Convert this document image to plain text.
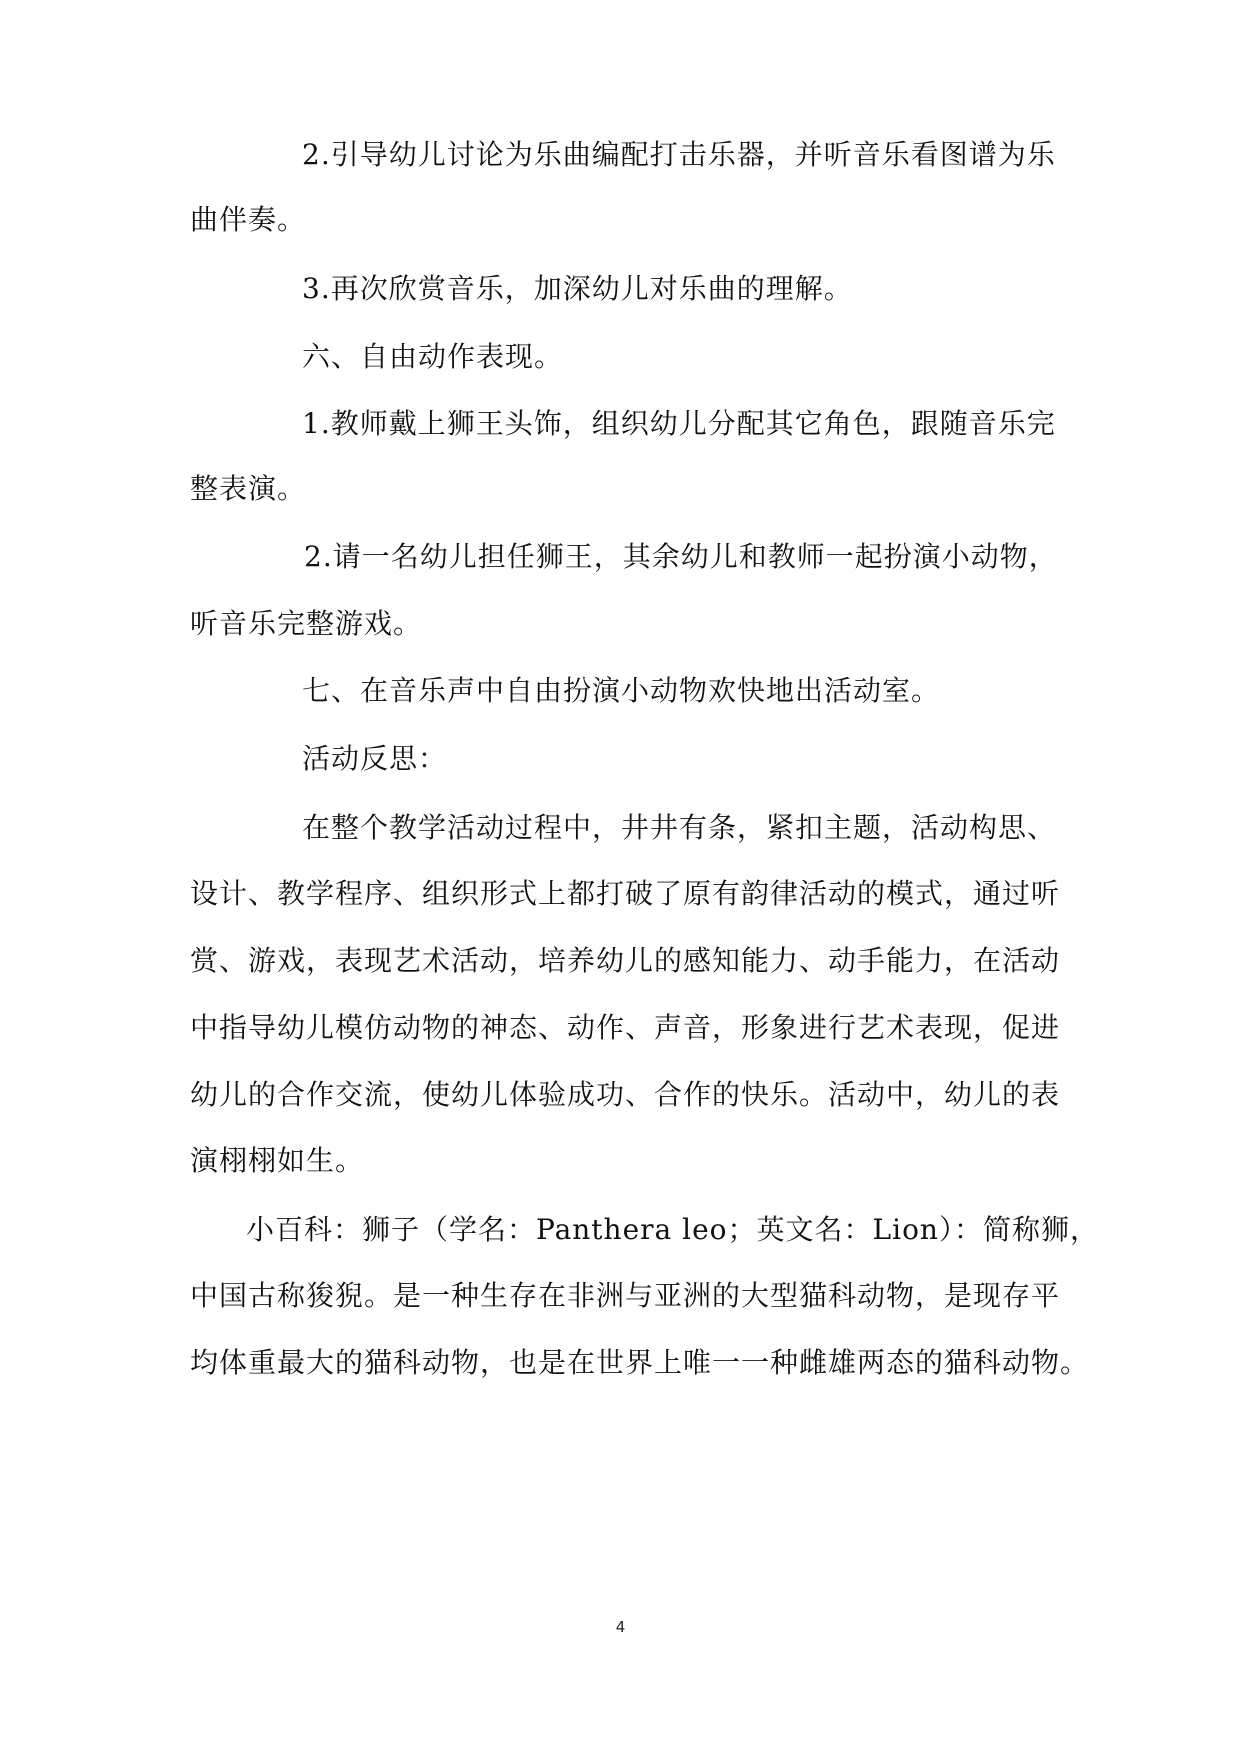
2.引导幼儿讨论为乐曲编配打击乐器，并听音乐看图谱为乐
曲伴奏。
3.再次欣赏音乐，加深幼儿对乐曲的理解。
六、自由动作表现。
1.教师戴上狮王头饰，组织幼儿分配其它角色，跟随音乐完
整表演。
2.请一名幼儿担任狮王，其余幼儿和教师一起扮演小动物，
听音乐完整游戏。
七、在音乐声中自由扮演小动物欢快地出活动室。
活动反思：
在整个教学活动过程中，井井有条，紧扣主题，活动构思、
设计、教学程序、组织形式上都打破了原有韵律活动的模式，通过听
赏、游戏，表现艺术活动，培养幼儿的感知能力、动手能力，在活动
中指导幼儿模仿动物的神态、动作、声音，形象进行艺术表现，促进
幼儿的合作交流，使幼儿体验成功、合作的快乐。活动中，幼儿的表
演栩栩如生。
小百科：狮子（学名：Panthera leo；英文名：Lion）：简称狮，
中国古称狻猊。是一种生存在非洲与亚洲的大型猫科动物，是现存平
均体重最大的猫科动物，也是在世界上唯一一种雌雄两态的猫科动物。
4
